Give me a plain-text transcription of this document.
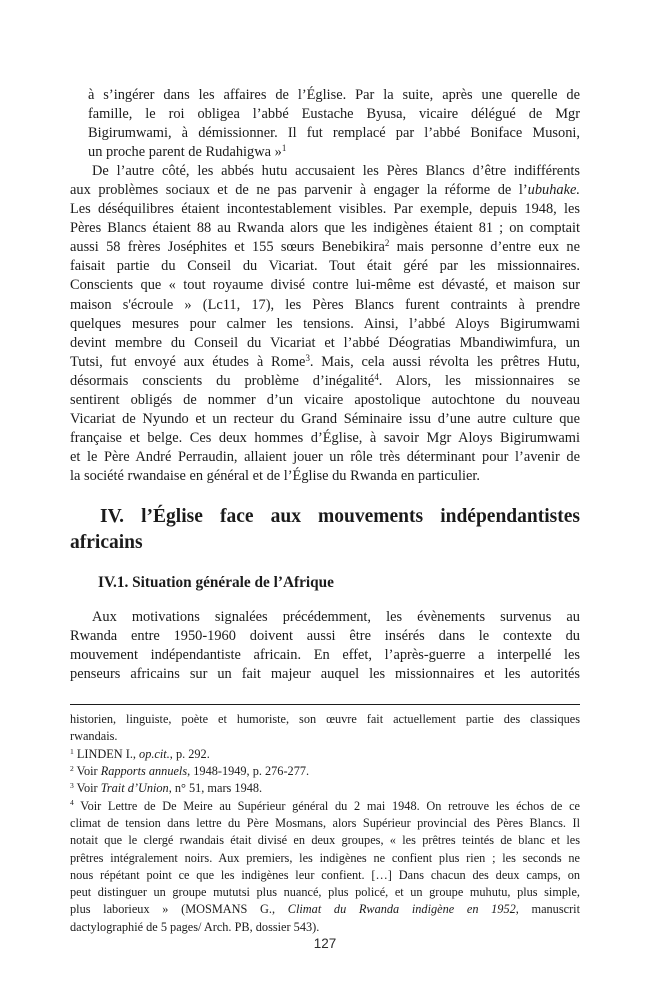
à s’ingérer dans les affaires de l’Église. Par la suite, après une querelle de
famille, le roi obligea l’abbé Eustache Byusa, vicaire délégué de Mgr
Bigirumwami, à démissionner. Il fut remplacé par l’abbé Boniface Musoni,
un proche parent de Rudahigwa »$^1$
De l’autre côté, les abbés hutu accusaient les Pères Blancs d’être indifférents
aux problèmes sociaux et de ne pas parvenir à engager la réforme de l’ubuhake.
Les déséquilibres étaient incontestablement visibles. Par exemple, depuis 1948, les
Pères Blancs étaient 88 au Rwanda alors que les indigènes étaient 81 ; on comptait
aussi 58 frères Joséphites et 155 sœurs Benebikira$^2$ mais personne d’entre eux ne
faisait partie du Conseil du Vicariat. Tout était géré par les missionnaires.
Conscients que « tout royaume divisé contre lui-même est dévasté, et maison sur
maison s'écroule » (Lc11, 17), les Pères Blancs furent contraints à prendre
quelques mesures pour calmer les tensions. Ainsi, l’abbé Aloys Bigirumwami
devint membre du Conseil du Vicariat et l’abbé Déogratias Mbandiwimfura, un
Tutsi, fut envoyé aux études à Rome$^3$. Mais, cela aussi révolta les prêtres Hutu,
désormais conscients du problème d’inégalité$^4$. Alors, les missionnaires se
sentirent obligés de nommer d’un vicaire apostolique autochtone du nouveau
Vicariat de Nyundo et un recteur du Grand Séminaire issu d’une autre culture que
française et belge. Ces deux hommes d’Église, à savoir Mgr Aloys Bigirumwami
et le Père André Perraudin, allaient jouer un rôle très déterminant pour l’avenir de
la société rwandaise en général et de l’Église du Rwanda en particulier.
IV. l’Église face aux mouvements indépendantistes
africains
IV.1. Situation générale de l’Afrique
Aux motivations signalées précédemment, les évènements survenus au
Rwanda entre 1950-1960 doivent aussi être insérés dans le contexte du
mouvement indépendantiste africain. En effet, l’après-guerre a interpellé les
penseurs africains sur un fait majeur auquel les missionnaires et les autorités
historien, linguiste, poète et humoriste, son œuvre fait actuellement partie des classiques
rwandais.
$^1$ LINDEN I., op.cit., p. 292.
$^2$ Voir Rapports annuels, 1948-1949, p. 276-277.
$^3$ Voir Trait d’Union, n° 51, mars 1948.
$^4$ Voir Lettre de De Meire au Supérieur général du 2 mai 1948. On retrouve les échos de ce
climat de tension dans lettre du Père Mosmans, alors Supérieur provincial des Pères Blancs. Il
notait que le clergé rwandais était divisé en deux groupes, « les prêtres teintés de blanc et les
prêtres intégralement noirs. Aux premiers, les indigènes ne confient plus rien ; les seconds ne
nous répétant point ce que les indigènes leur confient. […] Dans chacun des deux camps, on
peut distinguer un groupe mututsi plus nuancé, plus policé, et un groupe muhutu, plus simple,
plus laborieux » (MOSMANS G., Climat du Rwanda indigène en 1952, manuscrit
dactylographié de 5 pages/ Arch. PB, dossier 543).
127
